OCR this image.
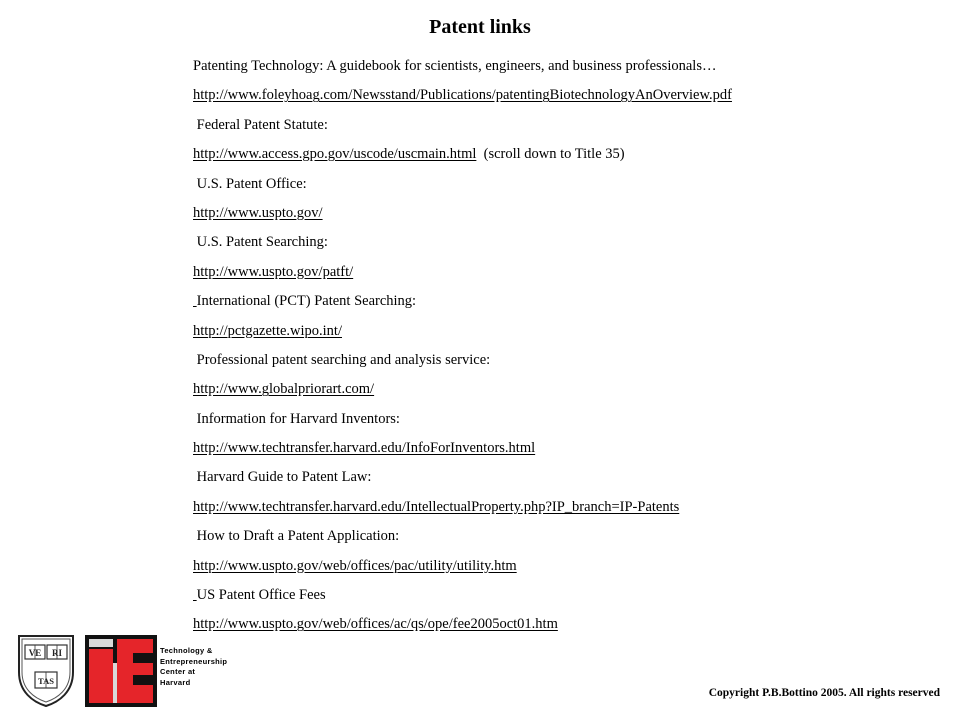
Patent links
Patenting Technology: A guidebook for scientists, engineers, and business professionals…
http://www.foleyhoag.com/Newsstand/Publications/patentingBiotechnologyAnOverview.pdf
Federal Patent Statute:
http://www.access.gpo.gov/uscode/uscmain.html (scroll down to Title 35)
U.S. Patent Office:
http://www.uspto.gov/
U.S. Patent Searching:
http://www.uspto.gov/patft/
International (PCT) Patent Searching:
http://pctgazette.wipo.int/
Professional patent searching and analysis service:
http://www.globalpriorart.com/
Information for Harvard Inventors:
http://www.techtransfer.harvard.edu/InfoForInventors.html
Harvard Guide to Patent Law:
http://www.techtransfer.harvard.edu/IntellectualProperty.php?IP_branch=IP-Patents
How to Draft a Patent Application:
http://www.uspto.gov/web/offices/pac/utility/utility.htm
US Patent Office Fees
http://www.uspto.gov/web/offices/ac/qs/ope/fee2005oct01.htm
VE RI
TAS
Technology &
Entrepreneurship
Center at
Harvard
Copyright P.B.Bottino 2005. All rights reserved
